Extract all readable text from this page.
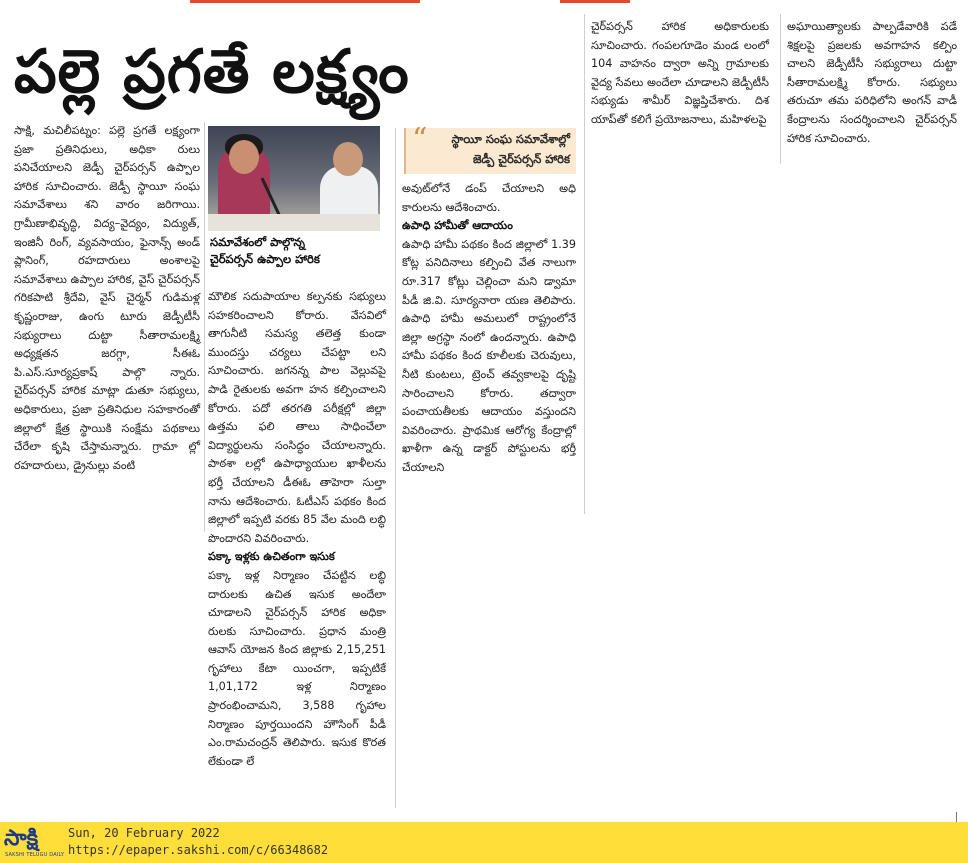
పల్లె ప్రగతే లక్ష్యం

సాక్షి, మచిలీపట్నం: పల్లె ప్రగతే లక్ష్యంగా ప్రజా ప్రతినిధులు, అధికా రులు పనిచేయాలని జెడ్పీ చైర్‌పర్సన్‌ ఉప్పాల హారిక సూచించారు. జెడ్పీ స్థాయీ సంఘ సమావేశాలు శని వారం జరిగాయి. గ్రామీణాభివృద్ధి, విద్య–వైద్యం, విద్యుత్‌, ఇంజినీ రింగ్‌, వ్యవసాయం, ఫైనాన్స్‌ అండ్‌ ప్లానింగ్‌, రహదారులు అంశాలపై సమావేశాలు ఉప్పాల హారిక, వైస్‌ చైర్‌పర్సన్‌ గరికపాటి శ్రీదేవి, వైస్‌ చైర్మన్‌ గుడిమళ్ల కృష్ణంరాజు, ఉంగు టూరు జెడ్పీటీసీ సభ్యురాలు దుట్టా సీతారామలక్ష్మి అధ్యక్షతన జరగ్గా, సీఈఓ పి.ఎస్‌.సూర్యప్రకాష్‌ పాల్గొ న్నారు. చైర్‌పర్సన్‌ హారిక మాట్లా డుతూ సభ్యులు, అధికారులు, ప్రజా ప్రతినిధుల సహకారంతో జిల్లాలో క్షేత్ర స్థాయికి సంక్షేమ పథకాలు చేరేలా కృషి చేస్తామన్నారు. గ్రామా ల్లో రహదారులు, డ్రైనుల్లు వంటి

సమావేశంలో పాల్గొన్న
చైర్‌పర్సన్‌ ఉప్పాల హారిక

మౌలిక సదుపాయాల కల్పనకు సభ్యులు సహకరించాలని కోరారు. వేసవిలో తాగునీటి సమస్య తలెత్త కుండా ముందస్తు చర్యలు చేపట్టా లని సూచించారు. జగనన్న పాల వెల్లువపై పాడి రైతులకు అవగా హన కల్పించాలని కోరారు. పదో తరగతి పరీక్షల్లో జిల్లా ఉత్తమ ఫలి తాలు సాధించేలా విద్యార్థులను సంసిద్ధం చేయాలన్నారు. పాఠశా లల్లో ఉపాధ్యాయుల ఖాళీలను భర్తీ చేయాలని డీఈఓ తాహెరా సుల్తా నాను ఆదేశించారు. ఓటీఎస్‌ పథకం కింద జిల్లాలో ఇప్పటి వరకు 85 వేల మంది లబ్ధి పొందారని వివరించారు.

పక్కా ఇళ్లకు ఉచితంగా ఇసుక

పక్కా ఇళ్ల నిర్మాణం చేపట్టిన లబ్ధి దారులకు ఉచిత ఇసుక అందేలా చూడాలని చైర్‌పర్సన్‌ హారిక అధికా రులకు సూచించారు. ప్రధాన మంత్రి ఆవాస్‌ యోజన కింద జిల్లాకు 2,15,251 గృహాలు కేటా యించగా, ఇప్పటికే 1,01,172 ఇళ్ల నిర్మాణం ప్రారంభించామని, 3,588 గృహాల నిర్మాణం పూర్తయిందని హౌసింగ్‌ పీడీ ఎం.రామచంద్రన్‌ తెలిపారు. ఇసుక కొరత లేకుండా లే

“ స్థాయీ సంఘ సమావేశాల్లో
జెడ్పీ చైర్‌పర్సన్‌ హారిక

అవుట్‌లోనే డంప్‌ చేయాలని అధి కారులను ఆదేశించారు.

ఉపాధి హామీతో ఆదాయం

ఉపాధి హామీ పథకం కింద జిల్లాలో 1.39 కోట్ల పనిదినాలు కల్పించి వేత నాలుగా రూ.317 కోట్లు చెల్లించా మని డ్వామా పీడీ జి.వి. సూర్యనారా యణ తెలిపారు. ఉపాధి హామీ అమలులో రాష్ట్రంలోనే జిల్లా అగ్రస్థా నంలో ఉందన్నారు. ఉపాధి హామీ పథకం కింద కూలీలకు చెరువులు, నీటి కుంటలు, ట్రెంచ్‌ తవ్వకాలపై దృష్టి సారించాలని కోరారు. తద్వారా పంచాయతీలకు ఆదాయం వస్తుందని వివరించారు. ప్రాథమిక ఆరోగ్య కేంద్రాల్లో ఖాళీగా ఉన్న డాక్టర్‌ పోస్టులను భర్తీ చేయాలని

చైర్‌పర్సన్‌ హారిక అధికారులకు సూచించారు. గంపలగూడెం మండ లంలో 104 వాహనం ద్వారా అన్ని గ్రామాలకు వైద్య సేవలు అందేలా చూడాలని జెడ్పీటీసీ సభ్యుడు శామీర్‌ విజ్ఞప్తిచేశారు. దిశ యాప్‌తో కలిగే ప్రయోజనాలు, మహిళలపై

అఘాయిత్యాలకు పాల్పడేవారికి పడే శిక్షలపై ప్రజలకు అవగాహన కల్పిం చాలని జెడ్పీటీసీ సభ్యురాలు దుట్టా సీతారామలక్ష్మి కోరారు. సభ్యులు తరుచూ తమ పరిధిలోని అంగన్‌ వాడీ కేంద్రాలను సందర్శించాలని చైర్‌పర్సన్‌ హారిక సూచించారు.

సాక్షి
SAKSHI TELUGU DAILY
Sun, 20 February 2022
https://epaper.sakshi.com/c/66348682
